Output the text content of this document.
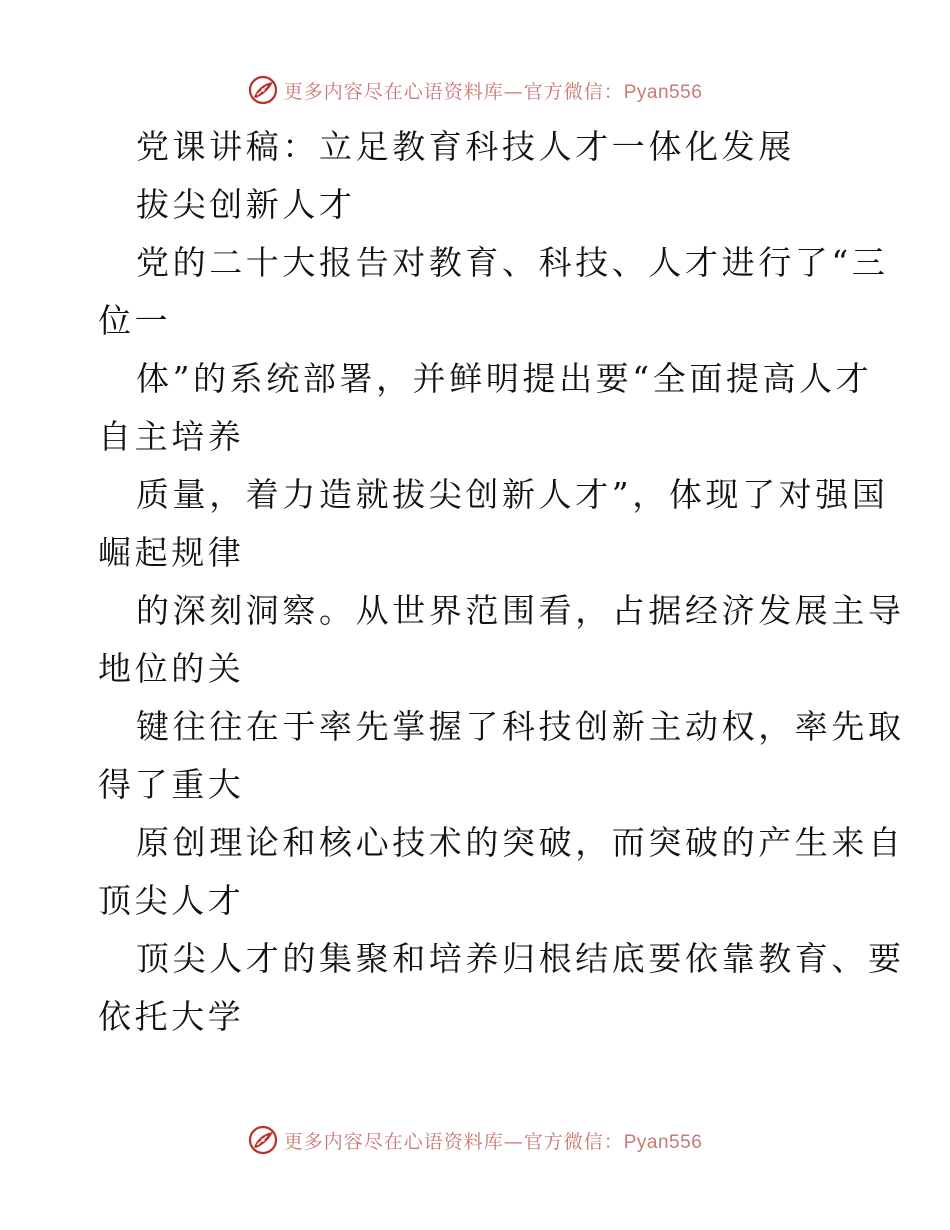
更多内容尽在心语资料库—官方微信：Pyan556
党课讲稿：立足教育科技人才一体化发展
拔尖创新人才
党的二十大报告对教育、科技、人才进行了“三
位一
体”的系统部署，并鲜明提出要“全面提高人才
自主培养
质量，着力造就拔尖创新人才”，体现了对强国
崛起规律
的深刻洞察。从世界范围看，占据经济发展主导
地位的关
键往往在于率先掌握了科技创新主动权，率先取
得了重大
原创理论和核心技术的突破，而突破的产生来自
顶尖人才
顶尖人才的集聚和培养归根结底要依靠教育、要
依托大学
更多内容尽在心语资料库—官方微信：Pyan556
